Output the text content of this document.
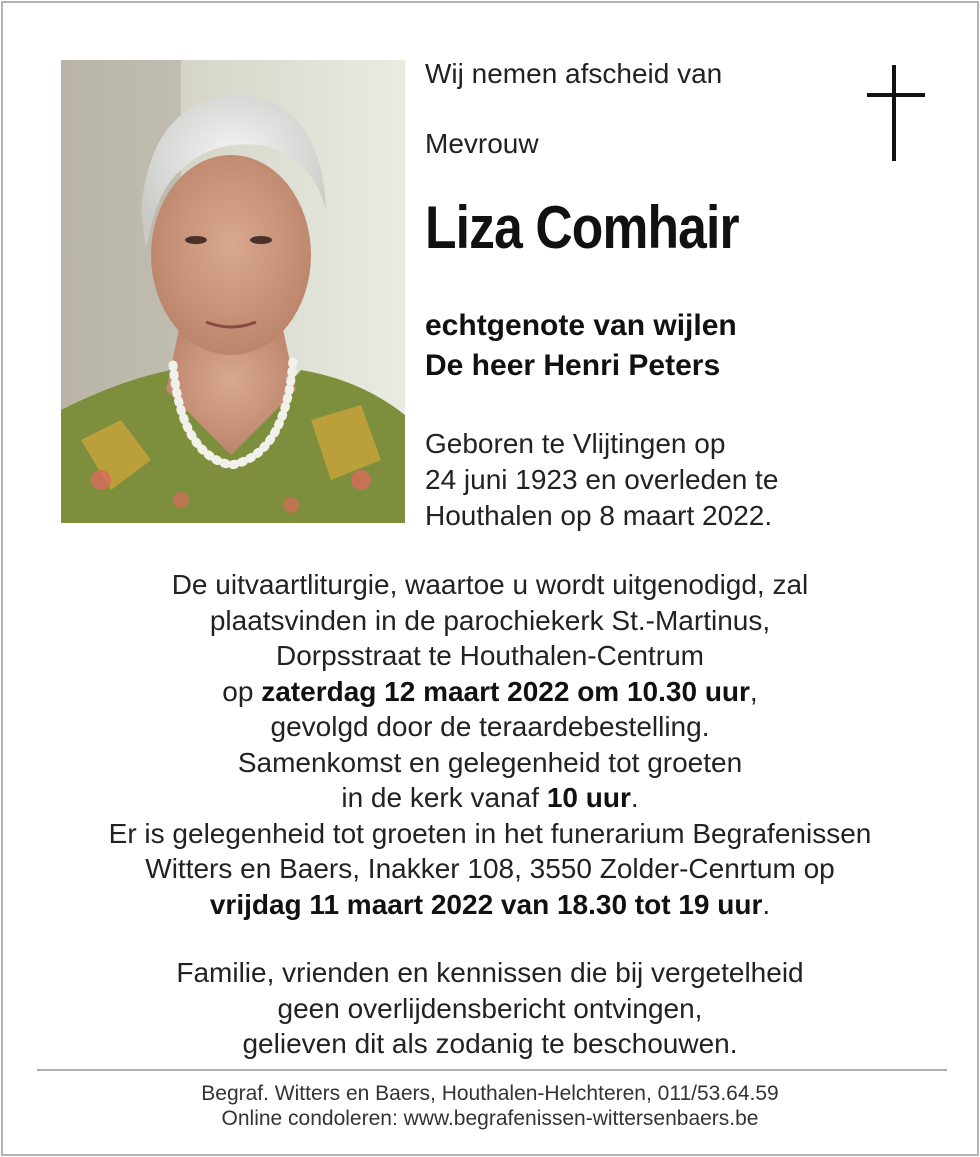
Wij nemen afscheid van
Mevrouw
Liza Comhair
echtgenote van wijlen
De heer Henri Peters
Geboren te Vlijtingen op
24 juni 1923 en overleden te
Houthalen op 8 maart 2022.
De uitvaartliturgie, waartoe u wordt uitgenodigd, zal
plaatsvinden in de parochiekerk St.-Martinus,
Dorpsstraat te Houthalen-Centrum
op zaterdag 12 maart 2022 om 10.30 uur,
gevolgd door de teraardebestelling.
Samenkomst en gelegenheid tot groeten
in de kerk vanaf 10 uur.
Er is gelegenheid tot groeten in het funerarium Begrafenissen
Witters en Baers, Inakker 108, 3550 Zolder-Cenrtum op
vrijdag 11 maart 2022 van 18.30 tot 19 uur.
Familie, vrienden en kennissen die bij vergetelheid
geen overlijdensbericht ontvingen,
gelieven dit als zodanig te beschouwen.
Begraf. Witters en Baers, Houthalen-Helchteren, 011/53.64.59
Online condoleren: www.begrafenissen-wittersenbaers.be
